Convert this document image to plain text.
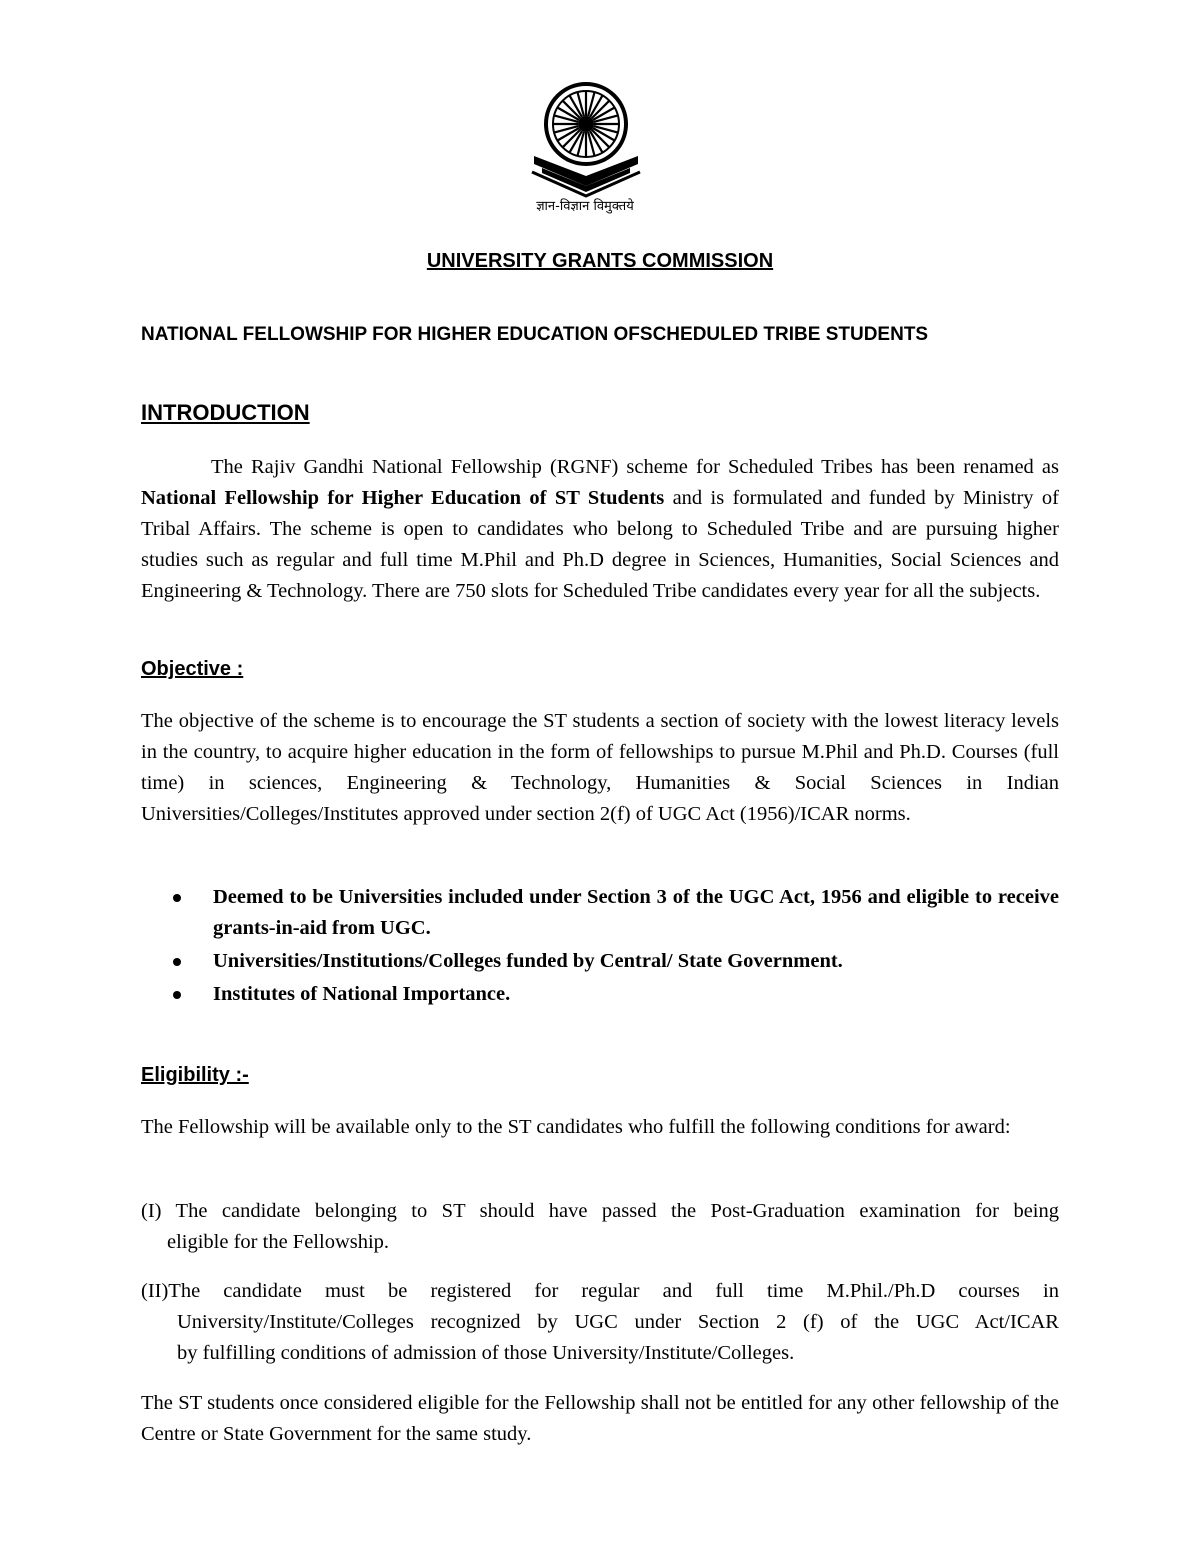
ज्ञान-विज्ञान विमुक्तये
UNIVERSITY GRANTS COMMISSION
NATIONAL FELLOWSHIP FOR HIGHER EDUCATION OFSCHEDULED TRIBE STUDENTS
INTRODUCTION
The Rajiv Gandhi National Fellowship (RGNF) scheme for Scheduled Tribes has been renamed as National Fellowship for Higher Education of ST Students and is formulated and funded by Ministry of Tribal Affairs. The scheme is open to candidates who belong to Scheduled Tribe and are pursuing higher studies such as regular and full time M.Phil and Ph.D degree in Sciences, Humanities, Social Sciences and Engineering & Technology. There are 750 slots for Scheduled Tribe candidates every year for all the subjects.
Objective :
The objective of the scheme is to encourage the ST students a section of society with the lowest literacy levels in the country, to acquire higher education in the form of fellowships to pursue M.Phil and Ph.D. Courses (full time) in sciences, Engineering & Technology, Humanities & Social Sciences in Indian Universities/Colleges/Institutes approved under section 2(f) of UGC Act (1956)/ICAR norms.
Deemed to be Universities included under Section 3 of the UGC Act, 1956 and eligible to receive grants-in-aid from UGC.
Universities/Institutions/Colleges funded by Central/ State Government.
Institutes of National Importance.
Eligibility :-
The Fellowship will be available only to the ST candidates who fulfill the following conditions for award:
(I) The candidate belonging to ST should have passed the Post-Graduation examination for being
eligible for the Fellowship.
(II)The candidate must be registered for regular and full time M.Phil./Ph.D courses in
University/Institute/Colleges recognized by UGC under Section 2 (f) of the UGC Act/ICAR
by fulfilling conditions of admission of those University/Institute/Colleges.
The ST students once considered eligible for the Fellowship shall not be entitled for any other fellowship of the Centre or State Government for the same study.
